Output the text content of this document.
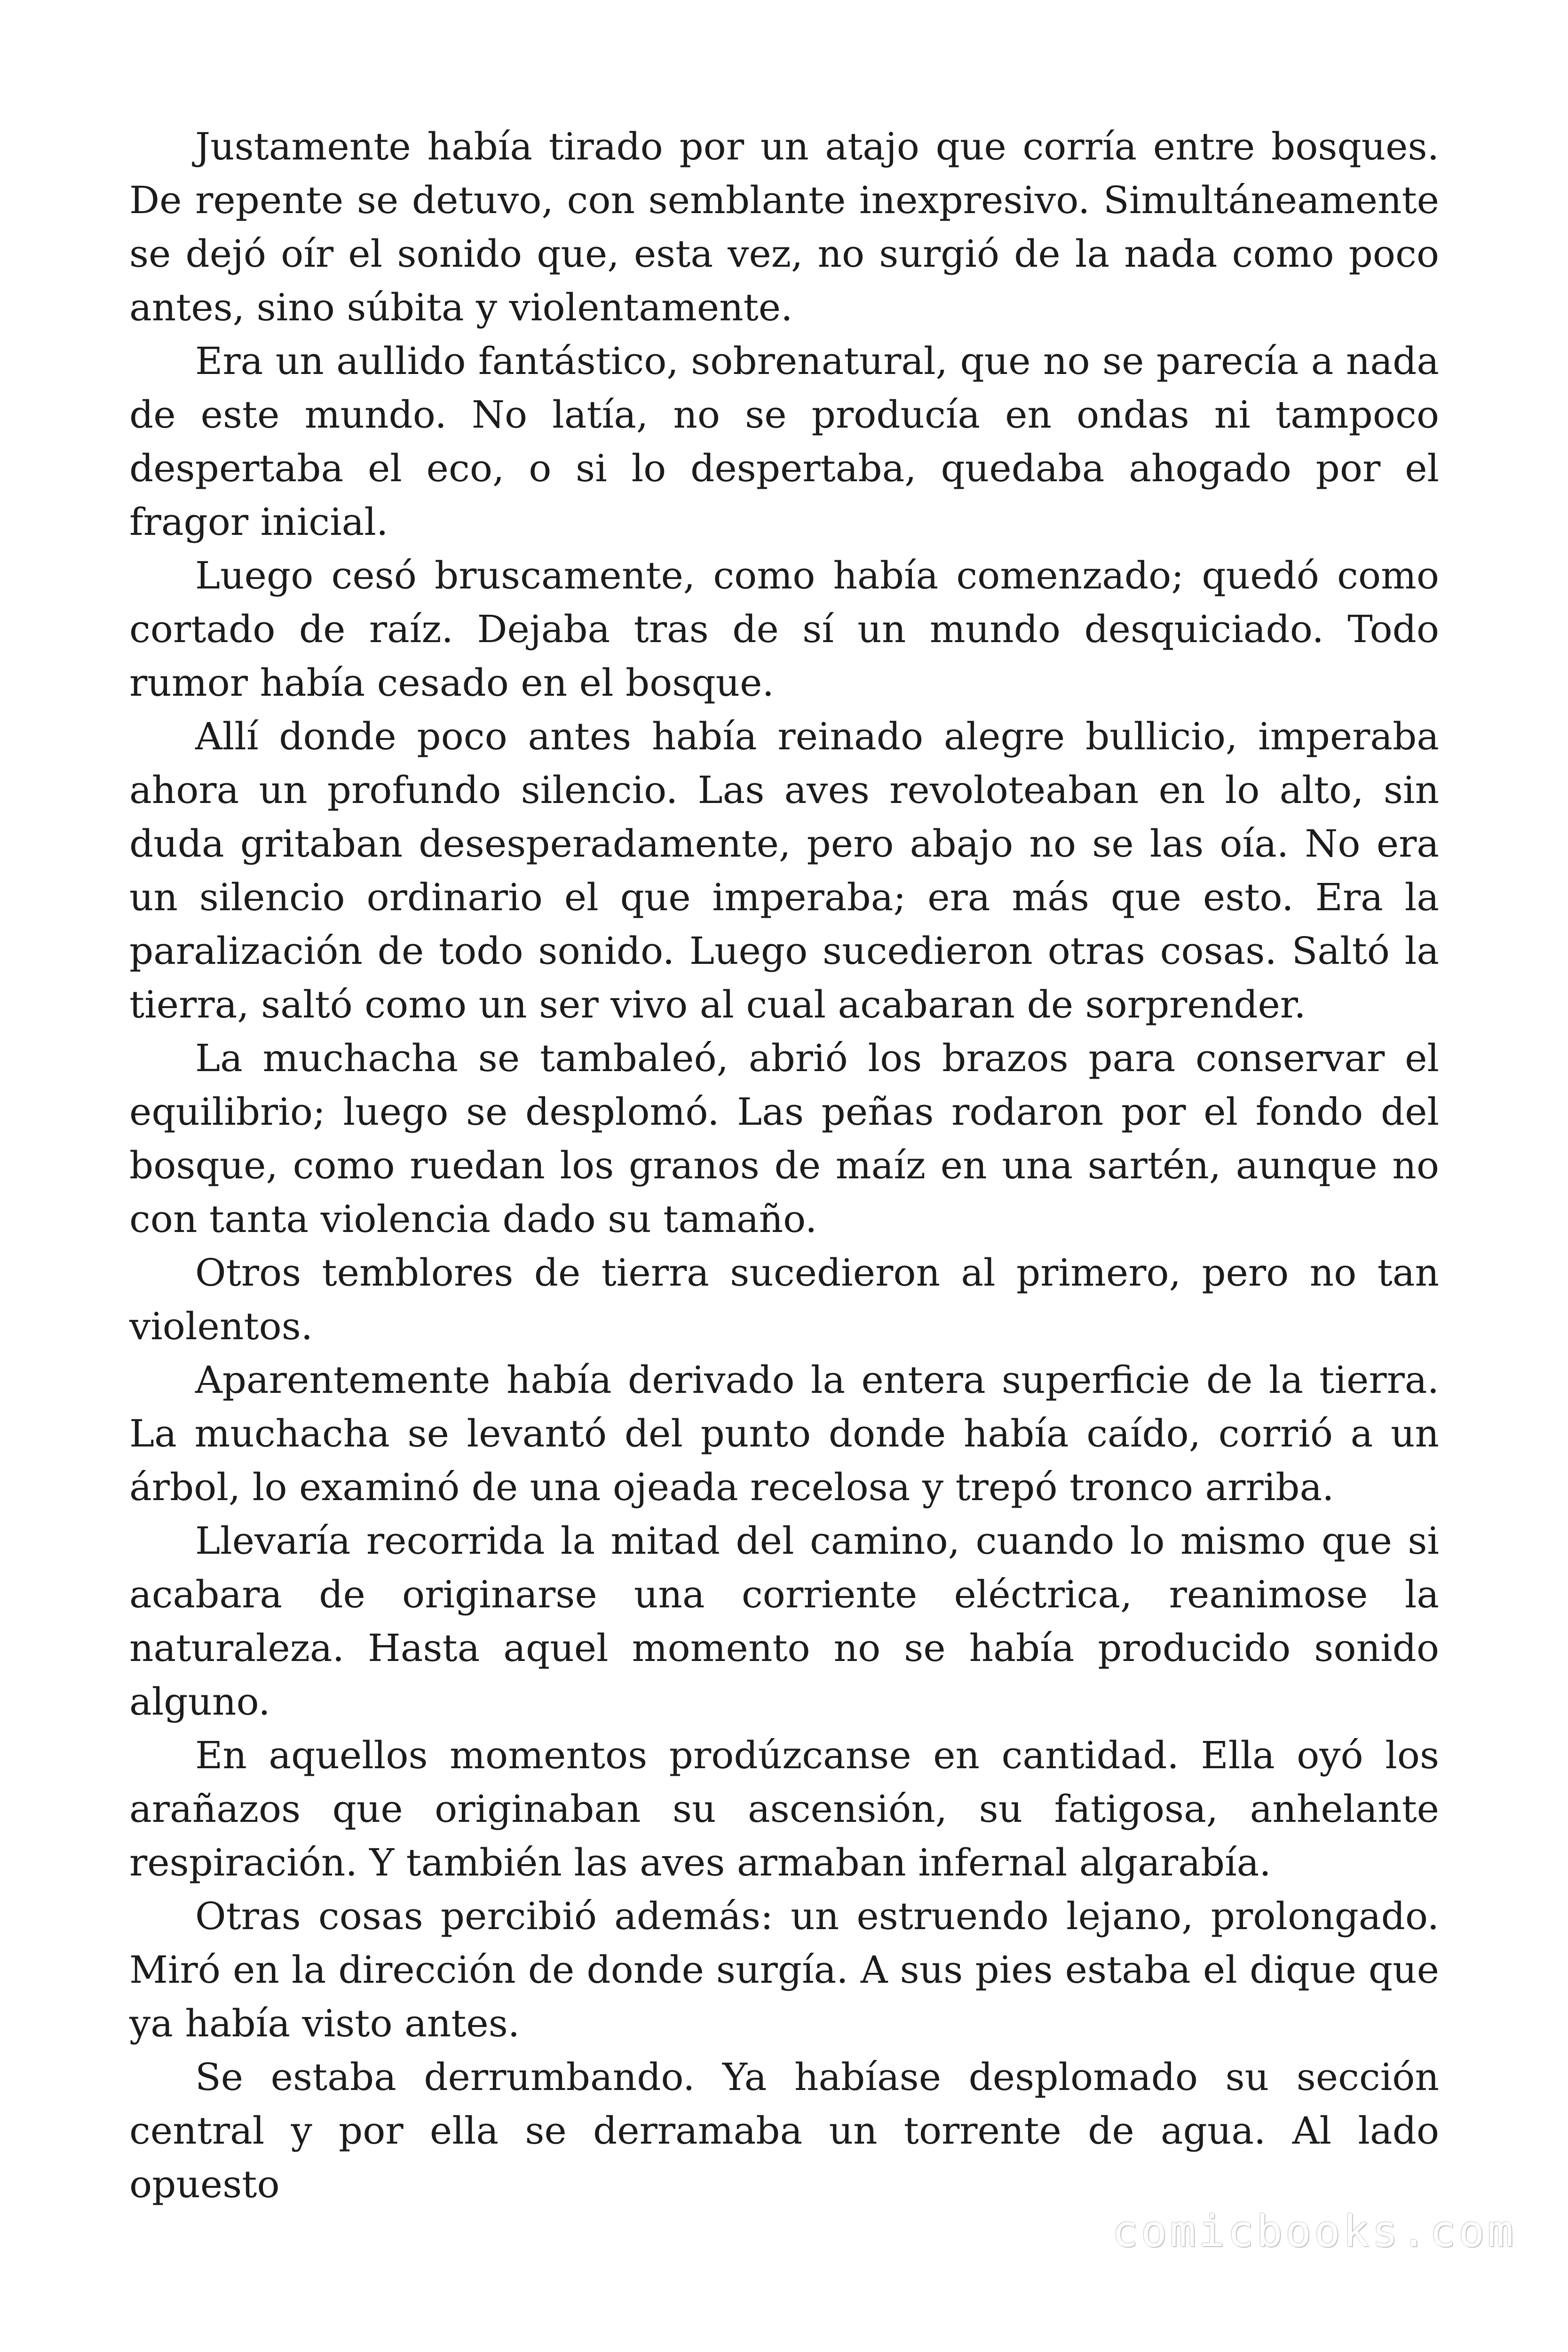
Justamente había tirado por un atajo que corría entre bosques. De repente se detuvo, con semblante inexpresivo. Simultáneamente se dejó oír el sonido que, esta vez, no surgió de la nada como poco antes, sino súbita y violentamente.

Era un aullido fantástico, sobrenatural, que no se parecía a nada de este mundo. No latía, no se producía en ondas ni tampoco despertaba el eco, o si lo despertaba, quedaba ahogado por el fragor inicial.

Luego cesó bruscamente, como había comenzado; quedó como cortado de raíz. Dejaba tras de sí un mundo desquiciado. Todo rumor había cesado en el bosque.

Allí donde poco antes había reinado alegre bullicio, imperaba ahora un profundo silencio. Las aves revoloteaban en lo alto, sin duda gritaban desesperadamente, pero abajo no se las oía. No era un silencio ordinario el que imperaba; era más que esto. Era la paralización de todo sonido. Luego sucedieron otras cosas. Saltó la tierra, saltó como un ser vivo al cual acabaran de sorprender.

La muchacha se tambaleó, abrió los brazos para conservar el equilibrio; luego se desplomó. Las peñas rodaron por el fondo del bosque, como ruedan los granos de maíz en una sartén, aunque no con tanta violencia dado su tamaño.

Otros temblores de tierra sucedieron al primero, pero no tan violentos.

Aparentemente había derivado la entera superficie de la tierra. La muchacha se levantó del punto donde había caído, corrió a un árbol, lo examinó de una ojeada recelosa y trepó tronco arriba.

Llevaría recorrida la mitad del camino, cuando lo mismo que si acabara de originarse una corriente eléctrica, reanimose la naturaleza. Hasta aquel momento no se había producido sonido alguno.

En aquellos momentos prodúzcanse en cantidad. Ella oyó los arañazos que originaban su ascensión, su fatigosa, anhelante respiración. Y también las aves armaban infernal algarabía.

Otras cosas percibió además: un estruendo lejano, prolongado. Miró en la dirección de donde surgía. A sus pies estaba el dique que ya había visto antes.

Se estaba derrumbando. Ya habíase desplomado su sección central y por ella se derramaba un torrente de agua. Al lado opuesto

comicbooks.com
